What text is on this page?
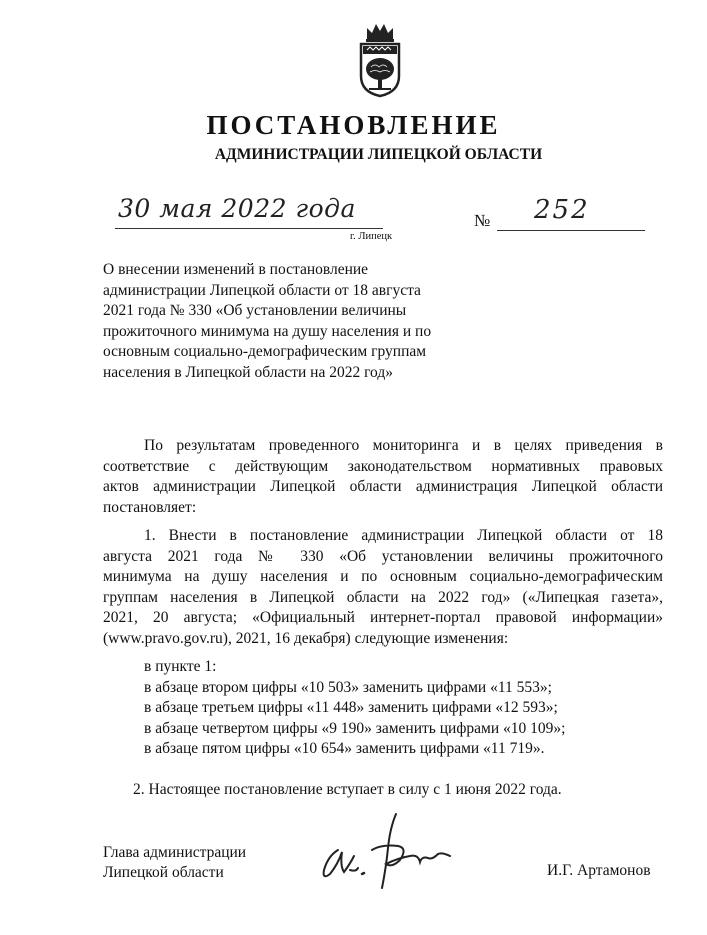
ПОСТАНОВЛЕНИЕ
АДМИНИСТРАЦИИ ЛИПЕЦКОЙ ОБЛАСТИ
30 мая 2022 года
г. Липецк
№ 252
О внесении изменений в постановление
администрации Липецкой области от 18 августа
2021 года № 330 «Об установлении величины
прожиточного минимума на душу населения и по
основным социально-демографическим группам
населения в Липецкой области на 2022 год»
По результатам проведенного мониторинга и в целях приведения в
соответствие с действующим законодательством нормативных правовых
актов администрации Липецкой области администрация Липецкой области
постановляет:
1. Внести в постановление администрации Липецкой области от 18
августа 2021 года № 330 «Об установлении величины прожиточного
минимума на душу населения и по основным социально-демографическим
группам населения в Липецкой области на 2022 год» («Липецкая газета»,
2021, 20 августа; «Официальный интернет-портал правовой информации»
(www.pravo.gov.ru), 2021, 16 декабря) следующие изменения:
в пункте 1:
в абзаце втором цифры «10 503» заменить цифрами «11 553»;
в абзаце третьем цифры «11 448» заменить цифрами «12 593»;
в абзаце четвертом цифры «9 190» заменить цифрами «10 109»;
в абзаце пятом цифры «10 654» заменить цифрами «11 719».
2. Настоящее постановление вступает в силу с 1 июня 2022 года.
Глава администрации
Липецкой области	И.Г. Артамонов
